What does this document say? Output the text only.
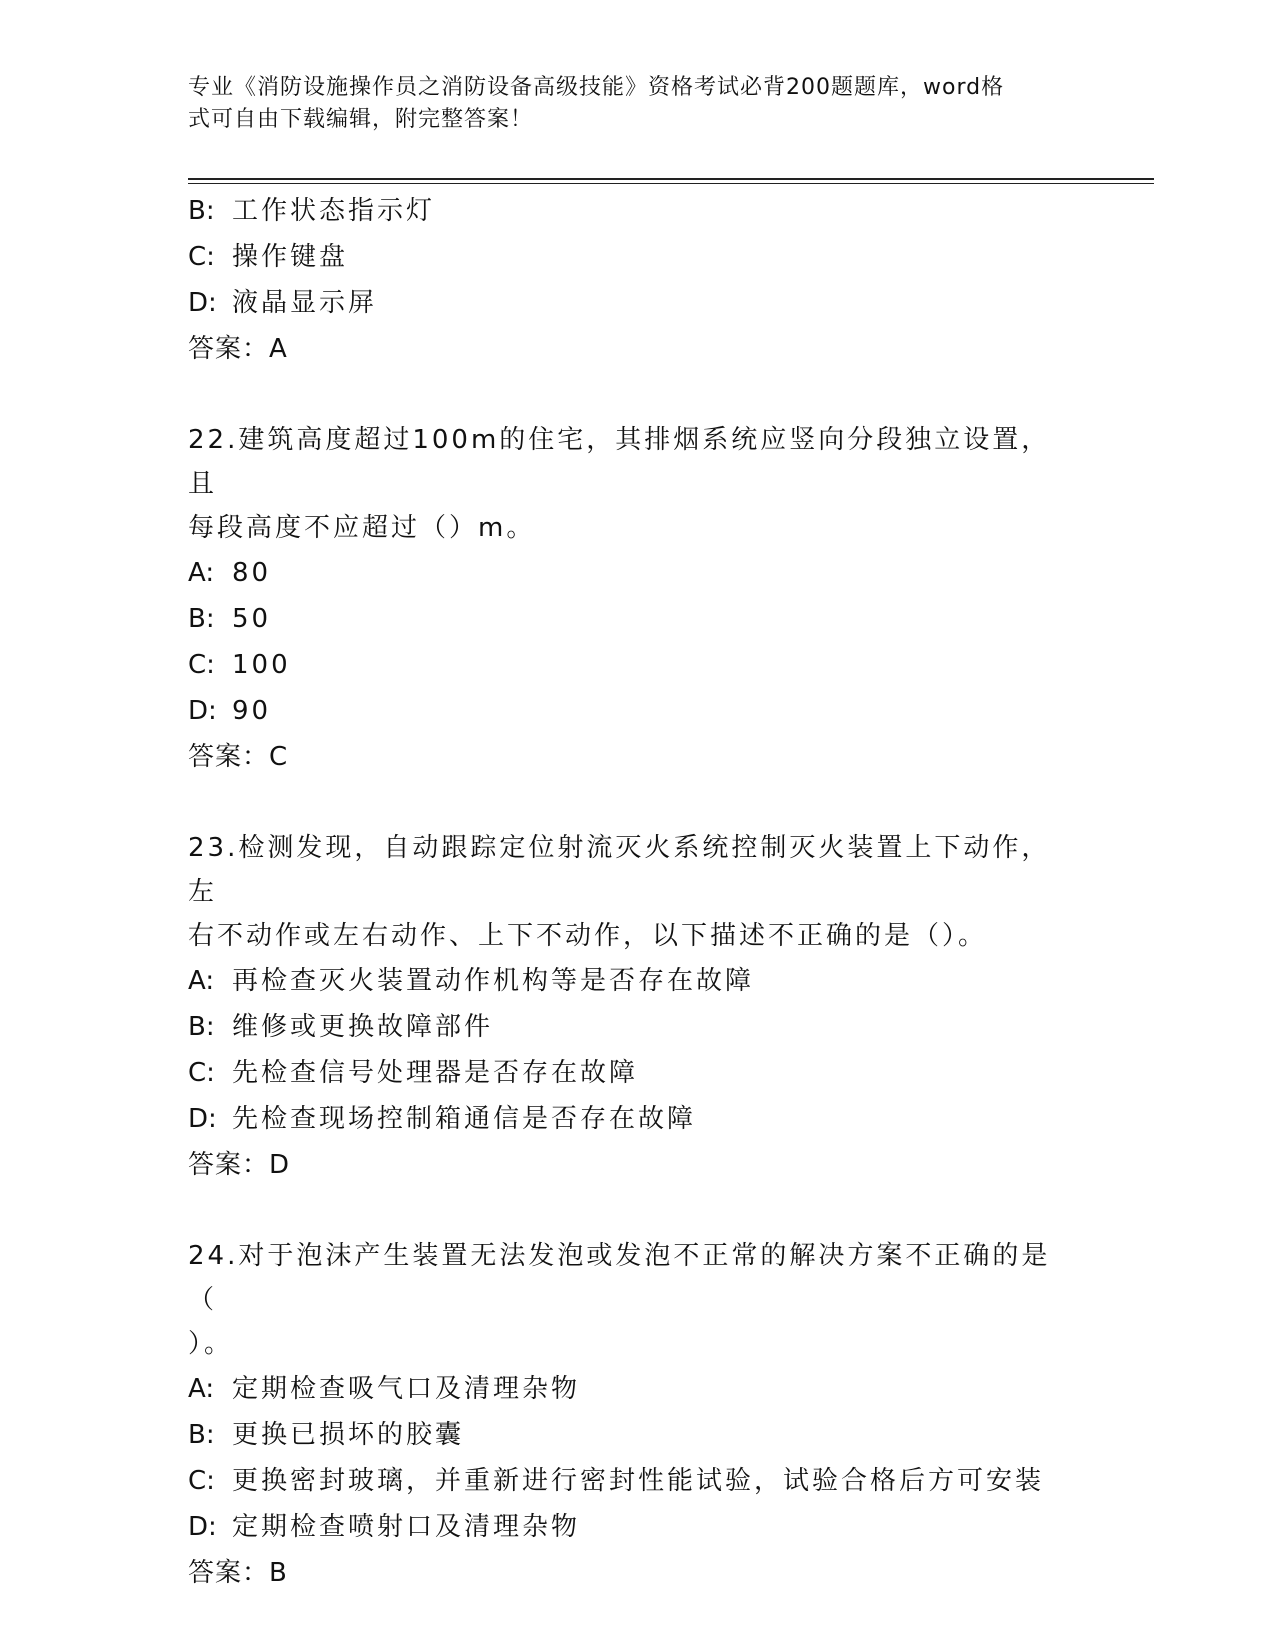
专业《消防设施操作员之消防设备高级技能》资格考试必背200题题库，word格
式可自由下载编辑，附完整答案！
B: 工作状态指示灯
C: 操作键盘
D: 液晶显示屏
答案：A
22.建筑高度超过100m的住宅，其排烟系统应竖向分段独立设置，且
每段高度不应超过（）m。
A: 80
B: 50
C: 100
D: 90
答案：C
23.检测发现，自动跟踪定位射流灭火系统控制灭火装置上下动作，左
右不动作或左右动作、上下不动作，以下描述不正确的是（）。
A: 再检查灭火装置动作机构等是否存在故障
B: 维修或更换故障部件
C: 先检查信号处理器是否存在故障
D: 先检查现场控制箱通信是否存在故障
答案：D
24.对于泡沫产生装置无法发泡或发泡不正常的解决方案不正确的是（
）。
A: 定期检查吸气口及清理杂物
B: 更换已损坏的胶囊
C: 更换密封玻璃，并重新进行密封性能试验，试验合格后方可安装
D: 定期检查喷射口及清理杂物
答案：B
